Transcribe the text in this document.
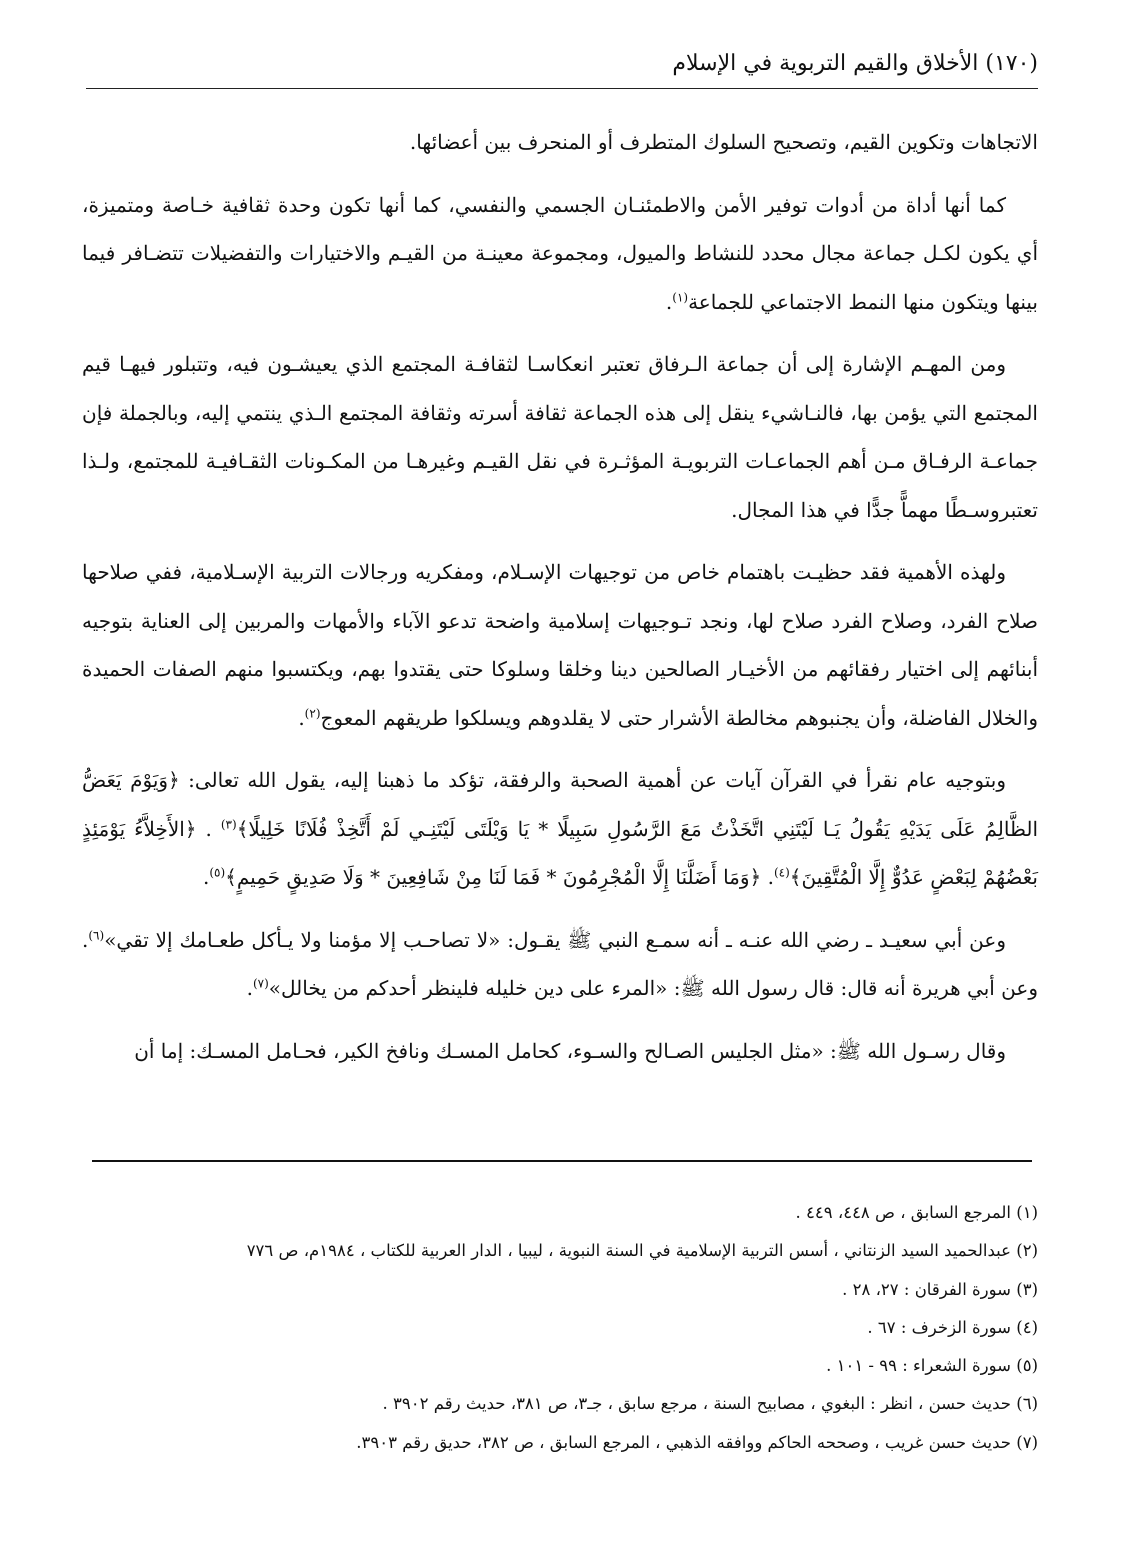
(١٧٠) الأخلاق والقيم التربوية في الإسلام

الاتجاهات وتكوين القيم، وتصحيح السلوك المتطرف أو المنحرف بين أعضائها.

كما أنها أداة من أدوات توفير الأمن والاطمئنـان الجسمي والنفسي، كما أنها تكون وحدة ثقافية خـاصة ومتميزة، أي يكون لكـل جماعة مجال محدد للنشاط والميول، ومجموعة معينـة من القيـم والاختيارات والتفضيلات تتضـافر فيما بينها ويتكون منها النمط الاجتماعي للجماعة$^{(١)}$.

ومن المهـم الإشارة إلى أن جماعة الـرفاق تعتبر انعكاسـا لثقافـة المجتمع الذي يعيشـون فيه، وتتبلور فيهـا قيم المجتمع التي يؤمن بها، فالنـاشيء ينقل إلى هذه الجماعة ثقافة أسرته وثقافة المجتمع الـذي ينتمي إليه، وبالجملة فإن جماعـة الرفـاق مـن أهم الجماعـات التربويـة المؤثـرة في نقل القيـم وغيرهـا من المكـونات الثقـافيـة للمجتمع، ولـذا تعتبروسـطًا مهماًّ جدًّا في هذا المجال.

ولهذه الأهمية فقد حظيـت باهتمام خاص من توجيهات الإسـلام، ومفكريه ورجالات التربية الإسـلامية، ففي صلاحها صلاح الفرد، وصلاح الفرد صلاح لها، ونجد تـوجيهات إسلامية واضحة تدعو الآباء والأمهات والمربين إلى العناية بتوجيه أبنائهم إلى اختيار رفقائهم من الأخيـار الصالحين دينا وخلقا وسلوكا حتى يقتدوا بهم، ويكتسبوا منهم الصفات الحميدة والخلال الفاضلة، وأن يجنبوهم مخالطة الأشرار حتى لا يقلدوهم ويسلكوا طريقهم المعوج$^{(٢)}$.

وبتوجيه عام نقرأ في القرآن آيات عن أهمية الصحبة والرفقة، تؤكد ما ذهبنا إليه، يقول الله تعالى: ﴿وَيَوْمَ يَعَضُّ الظَّالِمُ عَلَى يَدَيْهِ يَقُولُ يَـا لَيْتَنِي اتَّخَذْتُ مَعَ الرَّسُولِ سَبِيلًا * يَا وَيْلَتَى لَيْتَنِـي لَمْ أَتَّخِذْ فُلَانًا خَلِيلًا﴾$^{(٣)}$ . ﴿الأَخِلاَّءُ يَوْمَئِذٍ بَعْضُهُمْ لِبَعْضٍ عَدُوٌّ إِلَّا الْمُتَّقِينَ﴾$^{(٤)}$. ﴿وَمَا أَضَلَّنَا إِلَّا الْمُجْرِمُونَ * فَمَا لَنَا مِنْ شَافِعِينَ * وَلَا صَدِيقٍ حَمِيمٍ﴾$^{(٥)}$.

وعن أبي سعيـد ـ رضي الله عنـه ـ أنه سمـع النبي ﷺ يقـول: «لا تصاحـب إلا مؤمنا ولا يـأكل طعـامك إلا تقي»$^{(٦)}$. وعن أبي هريرة أنه قال: قال رسول الله ﷺ: «المرء على دين خليله فلينظر أحدكم من يخالل»$^{(٧)}$.

وقال رسـول الله ﷺ: «مثل الجليس الصـالح والسـوء، كحامل المسـك ونافخ الكير، فحـامل المسـك: إما أن

(١) المرجع السابق ، ص ٤٤٨، ٤٤٩ .
(٢) عبدالحميد السيد الزنتاني ، أسس التربية الإسلامية في السنة النبوية ، ليبيا ، الدار العربية للكتاب ، ١٩٨٤م، ص ٧٧٦
(٣) سورة الفرقان : ٢٧، ٢٨ .
(٤) سورة الزخرف : ٦٧ .
(٥) سورة الشعراء : ٩٩ - ١٠١ .
(٦) حديث حسن ، انظر : البغوي ، مصابيح السنة ، مرجع سابق ، جـ٣، ص ٣٨١، حديث رقم ٣٩٠٢ .
(٧) حديث حسن غريب ، وصححه الحاكم ووافقه الذهبي ، المرجع السابق ، ص ٣٨٢، حديق رقم ٣٩٠٣.
